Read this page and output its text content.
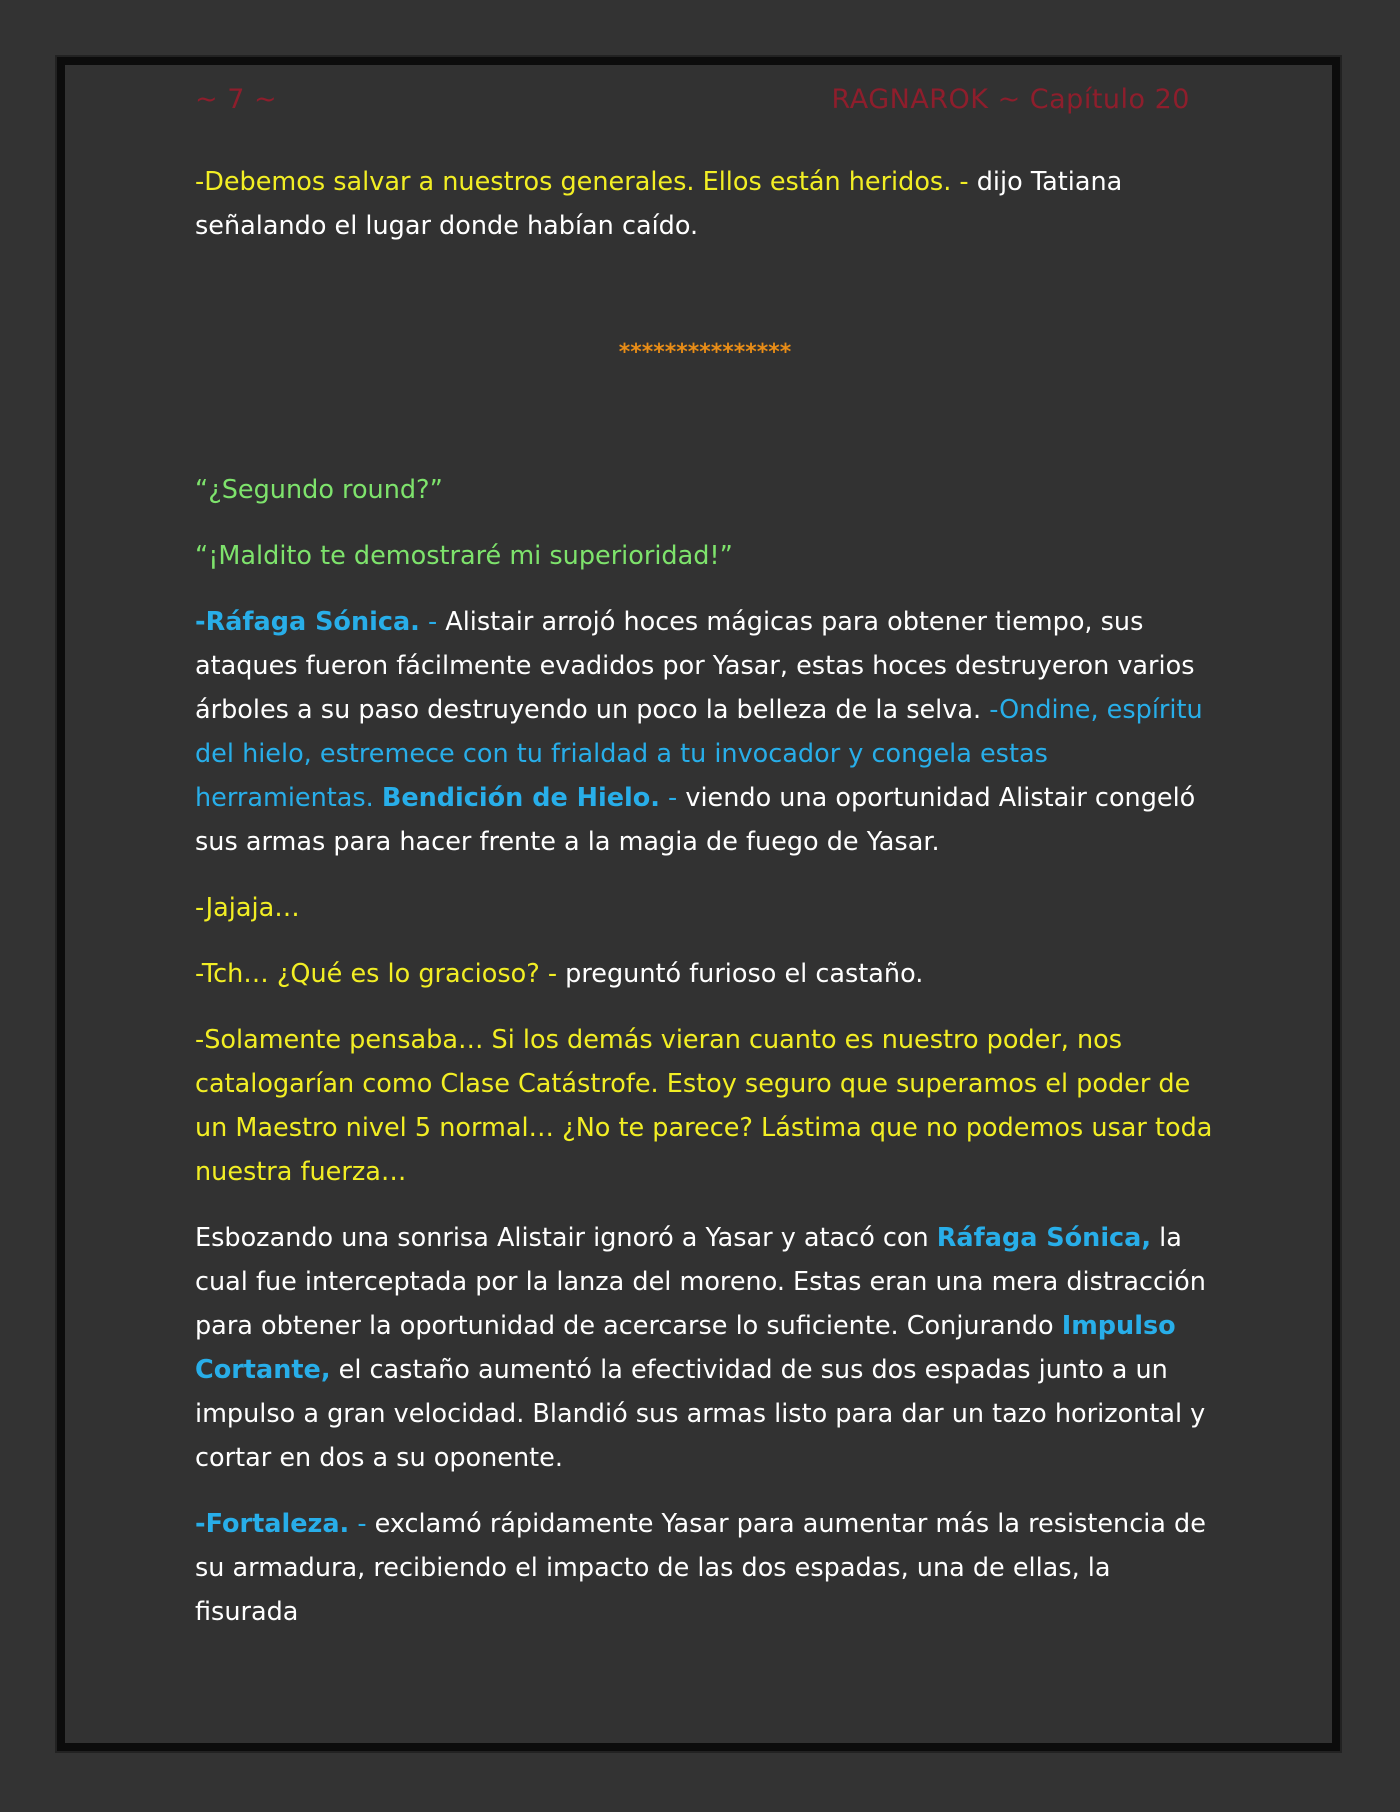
~ 7 ~	RAGNAROK ~ Capítulo 20

-Debemos salvar a nuestros generales. Ellos están heridos. - dijo Tatiana
señalando el lugar donde habían caído.

***************

“¿Segundo round?”

“¡Maldito te demostraré mi superioridad!”

-Ráfaga Sónica. - Alistair arrojó hoces mágicas para obtener tiempo, sus
ataques fueron fácilmente evadidos por Yasar, estas hoces destruyeron varios
árboles a su paso destruyendo un poco la belleza de la selva. -Ondine, espíritu
del hielo, estremece con tu frialdad a tu invocador y congela estas
herramientas. Bendición de Hielo. - viendo una oportunidad Alistair congeló
sus armas para hacer frente a la magia de fuego de Yasar.

-Jajaja…

-Tch… ¿Qué es lo gracioso? - preguntó furioso el castaño.

-Solamente pensaba… Si los demás vieran cuanto es nuestro poder, nos
catalogarían como Clase Catástrofe. Estoy seguro que superamos el poder de
un Maestro nivel 5 normal… ¿No te parece? Lástima que no podemos usar toda
nuestra fuerza…

Esbozando una sonrisa Alistair ignoró a Yasar y atacó con Ráfaga Sónica, la
cual fue interceptada por la lanza del moreno. Estas eran una mera distracción
para obtener la oportunidad de acercarse lo suficiente. Conjurando Impulso
Cortante, el castaño aumentó la efectividad de sus dos espadas junto a un
impulso a gran velocidad. Blandió sus armas listo para dar un tazo horizontal y
cortar en dos a su oponente.

-Fortaleza. - exclamó rápidamente Yasar para aumentar más la resistencia de
su armadura, recibiendo el impacto de las dos espadas, una de ellas, la fisurada
